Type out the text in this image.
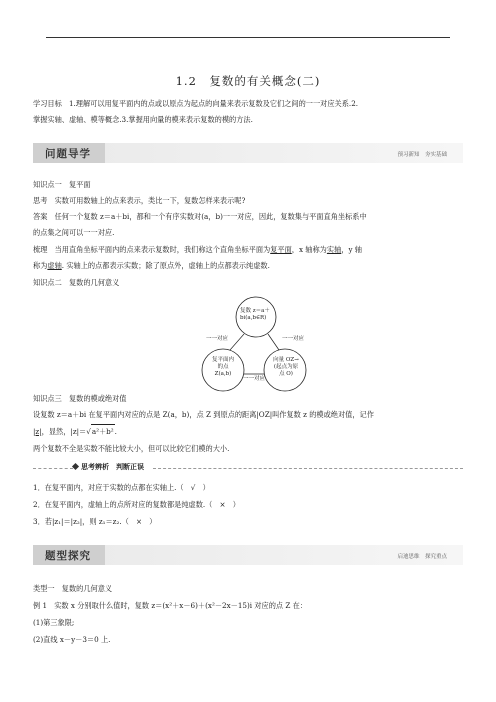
1.2　复数的有关概念(二)
学习目标　1.理解可以用复平面内的点或以原点为起点的向量来表示复数及它们之间的一一对应关系.2.
掌握实轴、虚轴、模等概念.3.掌握用向量的模来表示复数的模的方法.
问题导学	预习新知　夯实基础
知识点一　复平面
思考　实数可用数轴上的点来表示，类比一下，复数怎样来表示呢?
答案　任何一个复数 z＝a＋bi，都和一个有序实数对(a，b)一一对应，因此，复数集与平面直角坐标系中
的点集之间可以一一对应.
梳理　当用直角坐标平面内的点来表示复数时，我们称这个直角坐标平面为复平面，x 轴称为实轴，y 轴
称为虚轴. 实轴上的点都表示实数；除了原点外，虚轴上的点都表示纯虚数.
知识点二　复数的几何意义
复数 z＝a＋
bi(a,b∈R)
复平面内
的点
Z(a,b)
向量 OZ→
(起点为原
点 O)
一一对应	一一对应
一一对应
知识点三　复数的模或绝对值
设复数 z＝a＋bi 在复平面内对应的点是 Z(a，b)，点 Z 到原点的距离|OZ|叫作复数 z 的模或绝对值，记作
|z|，显然，|z|＝√a²＋b².
两个复数不全是实数不能比较大小，但可以比较它们模的大小.
思考辨析　判断正误
1．在复平面内，对应于实数的点都在实轴上.（　√　）
2．在复平面内，虚轴上的点所对应的复数都是纯虚数.（　×　）
3．若|z₁|＝|z₂|，则 z₁＝z₂.（　×　）
题型探究	启迪思维　探究重点
类型一　复数的几何意义
例 1　实数 x 分别取什么值时，复数 z＝(x²＋x－6)＋(x²－2x－15)i 对应的点 Z 在：
(1)第三象限;
(2)直线 x－y－3＝0 上.
